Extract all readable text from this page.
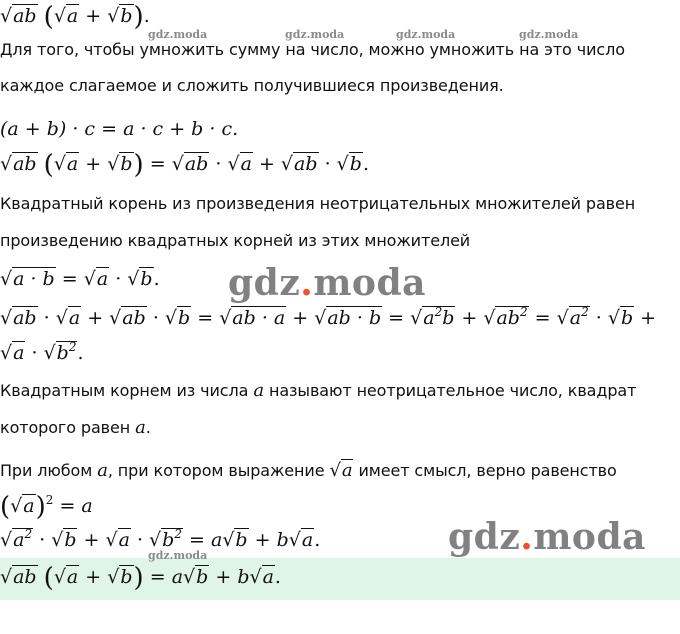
gdz.moda	gdz.moda	gdz.moda	gdz.moda
gdz.moda
gdz.moda
gdz.moda
√ab (√a + √b).
Для того, чтобы умножить сумму на число, можно умножить на это число
каждое слагаемое и сложить получившиеся произведения.
(a + b) · c = a · c + b · c.
√ab (√a + √b) = √ab · √a + √ab · √b.
Квадратный корень из произведения неотрицательных множителей равен
произведению квадратных корней из этих множителей
√a · b = √a · √b.
$√ab \cdot √a + √ab \cdot √b = √ab \cdot a + √ab \cdot b = √a^2b + √ab^2 = √a^2 \cdot √b$ +
$√a \cdot √b^2$.
Квадратным корнем из числа a называют неотрицательное число, квадрат
которого равен a.
При любом a, при котором выражение √a имеет смысл, верно равенство
$(√a)^2 = a$
$√a^2 \cdot √b + √a \cdot √b^2 = a√b + b√a$.
√ab (√a + √b) = a√b + b√a.
